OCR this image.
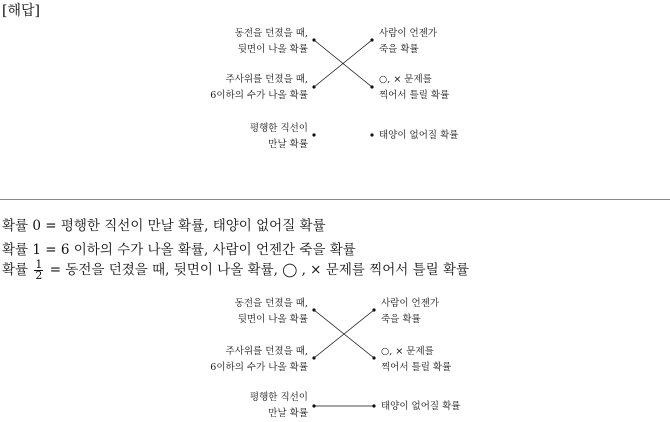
[해답]
동전을 던졌을 때,
뒷면이 나올 확률
주사위를 던졌을 때,
6이하의 수가 나올 확률
평행한 직선이
만날 확률
사람이 언젠가
죽을 확률
○, × 문제를
찍어서 틀릴 확률
태양이 없어질 확률
확률 0 = 평행한 직선이 만날 확률, 태양이 없어질 확률
확률 1 = 6 이하의 수가 나올 확률, 사람이 언젠간 죽을 확률
확률 $\frac{1}{2}$ = 동전을 던졌을 때, 뒷면이 나올 확률, ◯ , × 문제를 찍어서 틀릴 확률
동전을 던졌을 때,
뒷면이 나올 확률
주사위를 던졌을 때,
6이하의 수가 나올 확률
평행한 직선이
만날 확률
사람이 언젠가
죽을 확률
○, × 문제를
찍어서 틀릴 확률
태양이 없어질 확률
